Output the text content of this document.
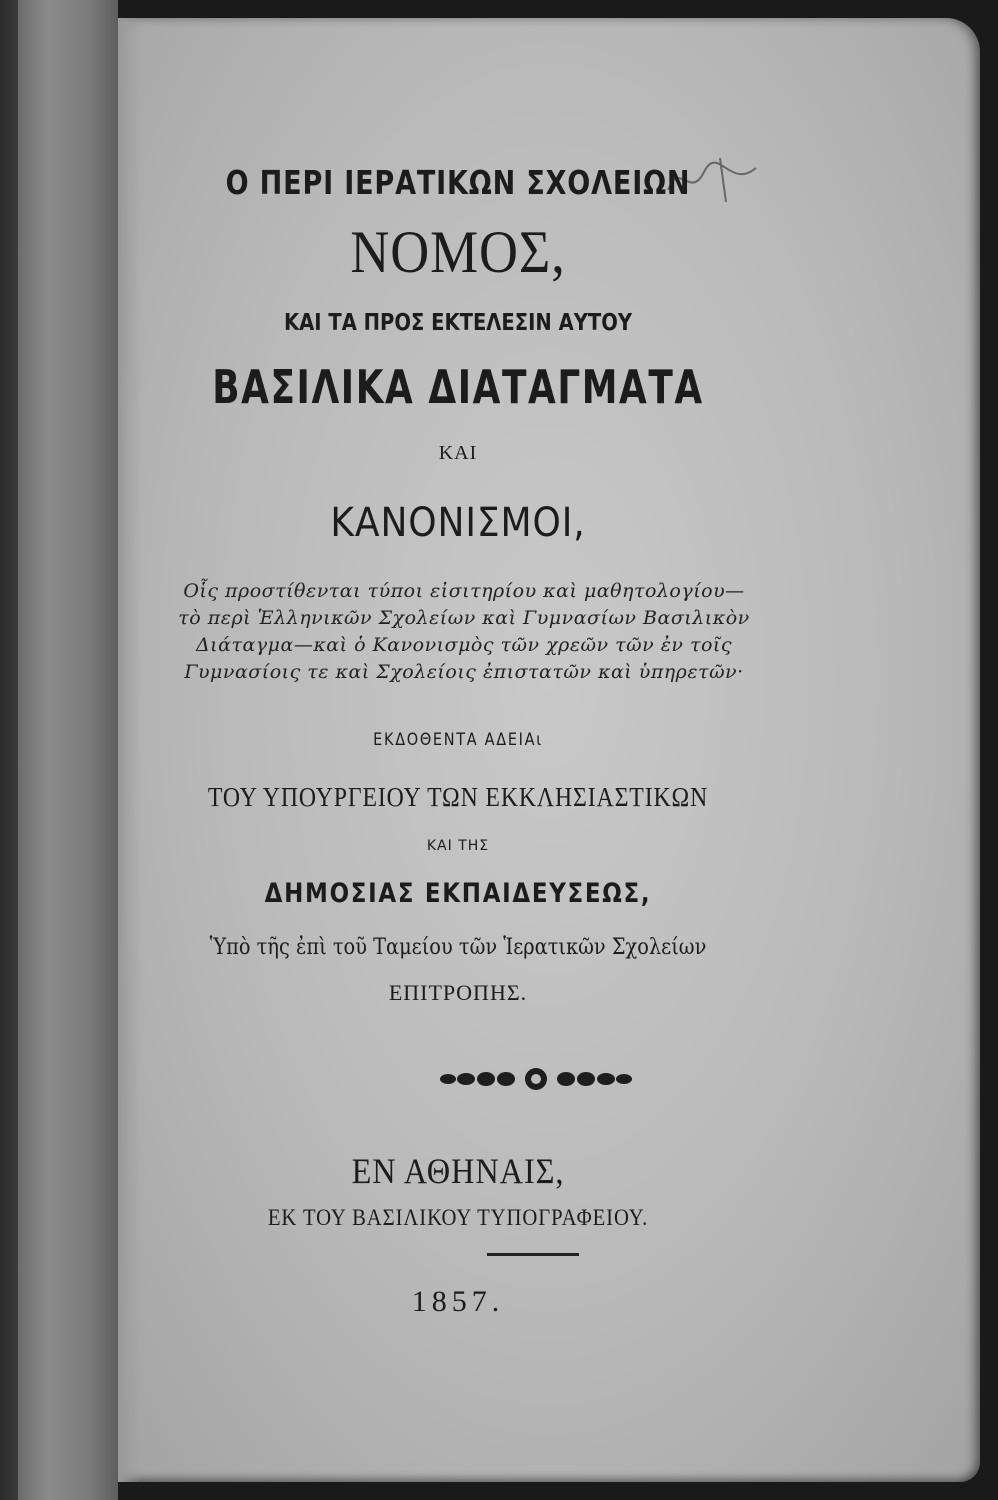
Ο ΠΕΡΙ ΙΕΡΑΤΙΚΩΝ ΣΧΟΛΕΙΩΝ
ΝΟΜΟΣ,
ΚΑΙ ΤΑ ΠΡΟΣ ΕΚΤΕΛΕΣΙΝ ΑΥΤΟΥ
ΒΑΣΙΛΙΚΑ ΔΙΑΤΑΓΜΑΤΑ
ΚΑΙ
ΚΑΝΟΝΙΣΜΟΙ,
Οἷς προστίθενται τύποι εἰσιτηρίου καὶ μαθητολογίου—
τὸ περὶ Ἑλληνικῶν Σχολείων καὶ Γυμνασίων Βασιλικὸν
Διάταγμα—καὶ ὁ Κανονισμὸς τῶν χρεῶν τῶν ἐν τοῖς
Γυμνασίοις τε καὶ Σχολείοις ἐπιστατῶν καὶ ὑπηρετῶν·
ΕΚΔΟΘΕΝΤΑ ΑΔΕΙΑι
ΤΟΥ ΥΠΟΥΡΓΕΙΟΥ ΤΩΝ ΕΚΚΛΗΣΙΑΣΤΙΚΩΝ
ΚΑΙ ΤΗΣ
ΔΗΜΟΣΙΑΣ ΕΚΠΑΙΔΕΥΣΕΩΣ,
Ὑπὸ τῆς ἐπὶ τοῦ Ταμείου τῶν Ἱερατικῶν Σχολείων
ΕΠΙΤΡΟΠΗΣ.
ΕΝ ΑΘΗΝΑΙΣ,
ΕΚ ΤΟΥ ΒΑΣΙΛΙΚΟΥ ΤΥΠΟΓΡΑΦΕΙΟΥ.
1857.
